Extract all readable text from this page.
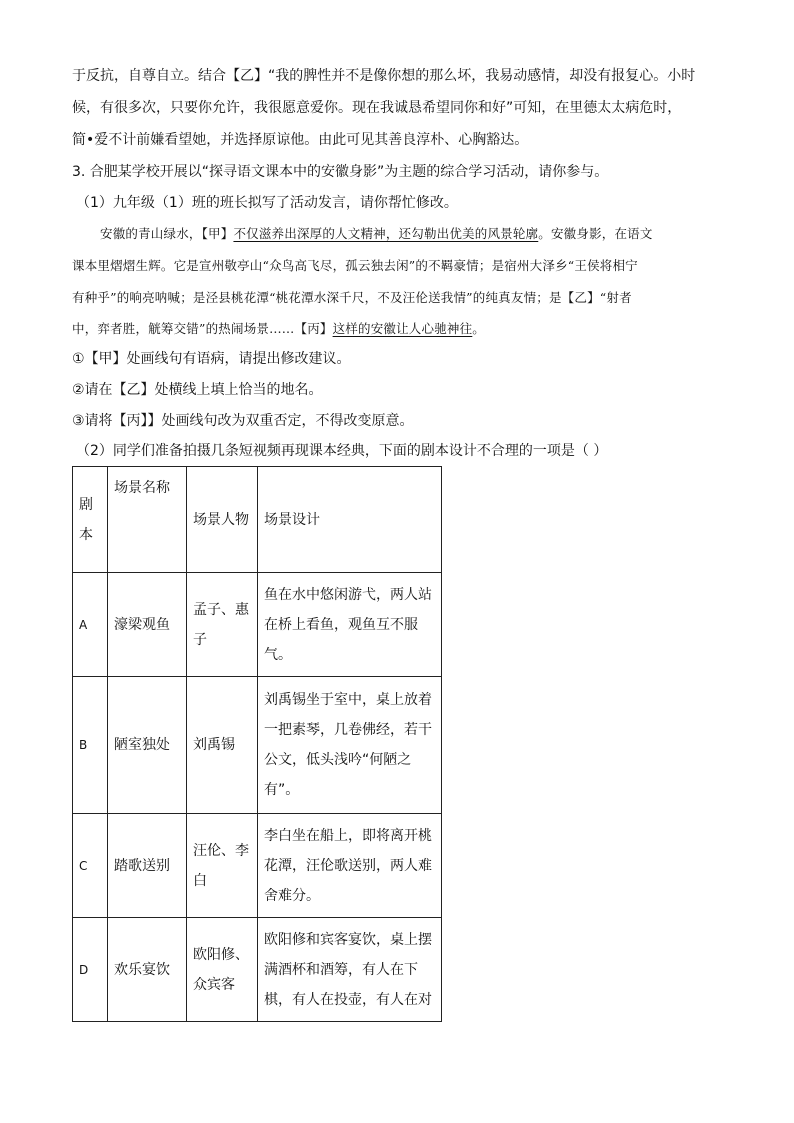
于反抗，自尊自立。结合【乙】“我的脾性并不是像你想的那么坏，我易动感情，却没有报复心。小时
候，有很多次，只要你允许，我很愿意爱你。现在我诚恳希望同你和好”可知，在里德太太病危时，
简•爱不计前嫌看望她，并选择原谅他。由此可见其善良淳朴、心胸豁达。
3. 合肥某学校开展以“探寻语文课本中的安徽身影”为主题的综合学习活动，请你参与。
（1）九年级（1）班的班长拟写了活动发言，请你帮忙修改。
安徽的青山绿水，【甲】不仅滋养出深厚的人文精神，还勾勒出优美的风景轮廓。安徽身影，在语文
课本里熠熠生辉。它是宣州敬亭山“众鸟高飞尽，孤云独去闲”的不羁豪情；是宿州大泽乡“王侯将相宁
有种乎”的响亮呐喊；是泾县桃花潭“桃花潭水深千尺，不及汪伦送我情”的纯真友情；是【乙】“射者
中，弈者胜，觥筹交错”的热闹场景……【丙】这样的安徽让人心驰神往。
①【甲】处画线句有语病，请提出修改建议。
②请在【乙】处横线上填上恰当的地名。
③请将【丙】】处画线句改为双重否定，不得改变原意。
（2）同学们准备拍摄几条短视频再现课本经典，下面的剧本设计不合理的一项是（ ）
剧本	场景名称	场景人物	场景设计
A	濠梁观鱼	孟子、惠子	鱼在水中悠闲游弋，两人站在桥上看鱼，观鱼互不服气。
B	陋室独处	刘禹锡	刘禹锡坐于室中，桌上放着一把素琴，几卷佛经，若干公文，低头浅吟“何陋之有”。
C	踏歌送别	汪伦、李白	李白坐在船上，即将离开桃花潭，汪伦歌送别，两人难舍难分。
D	欢乐宴饮	欧阳修、众宾客	欧阳修和宾客宴饮，桌上摆满酒杯和酒筹，有人在下棋，有人在投壶，有人在对
